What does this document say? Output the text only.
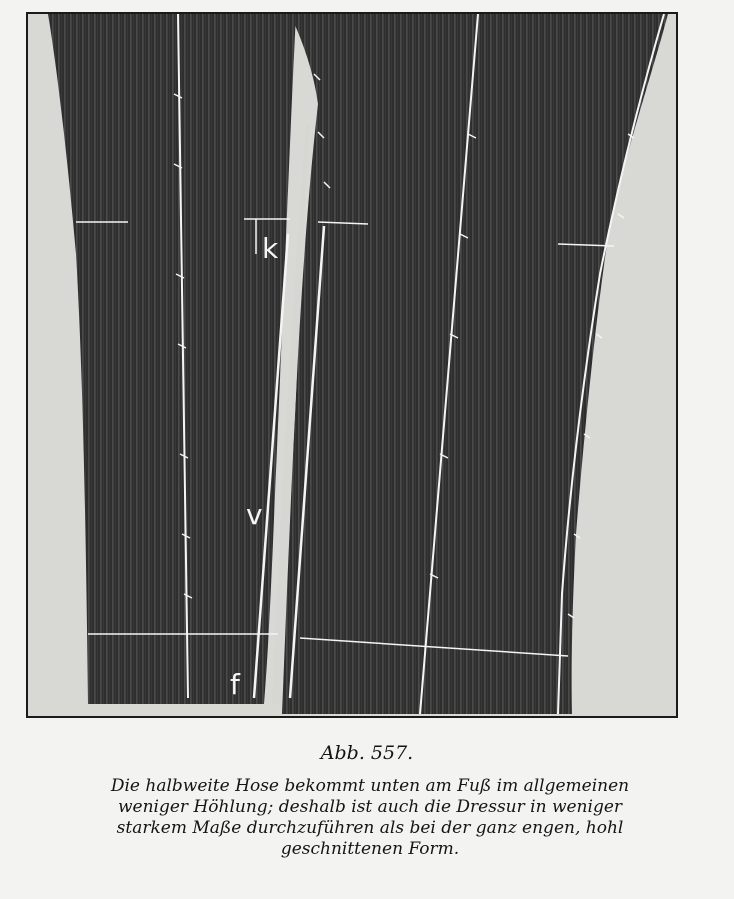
k
v
f
Abb. 557.
Die halbweite Hose bekommt unten am Fuß im allgemeinen
weniger Höhlung; deshalb ist auch die Dressur in weniger
starkem Maße durchzuführen als bei der ganz engen, hohl
geschnittenen Form.
